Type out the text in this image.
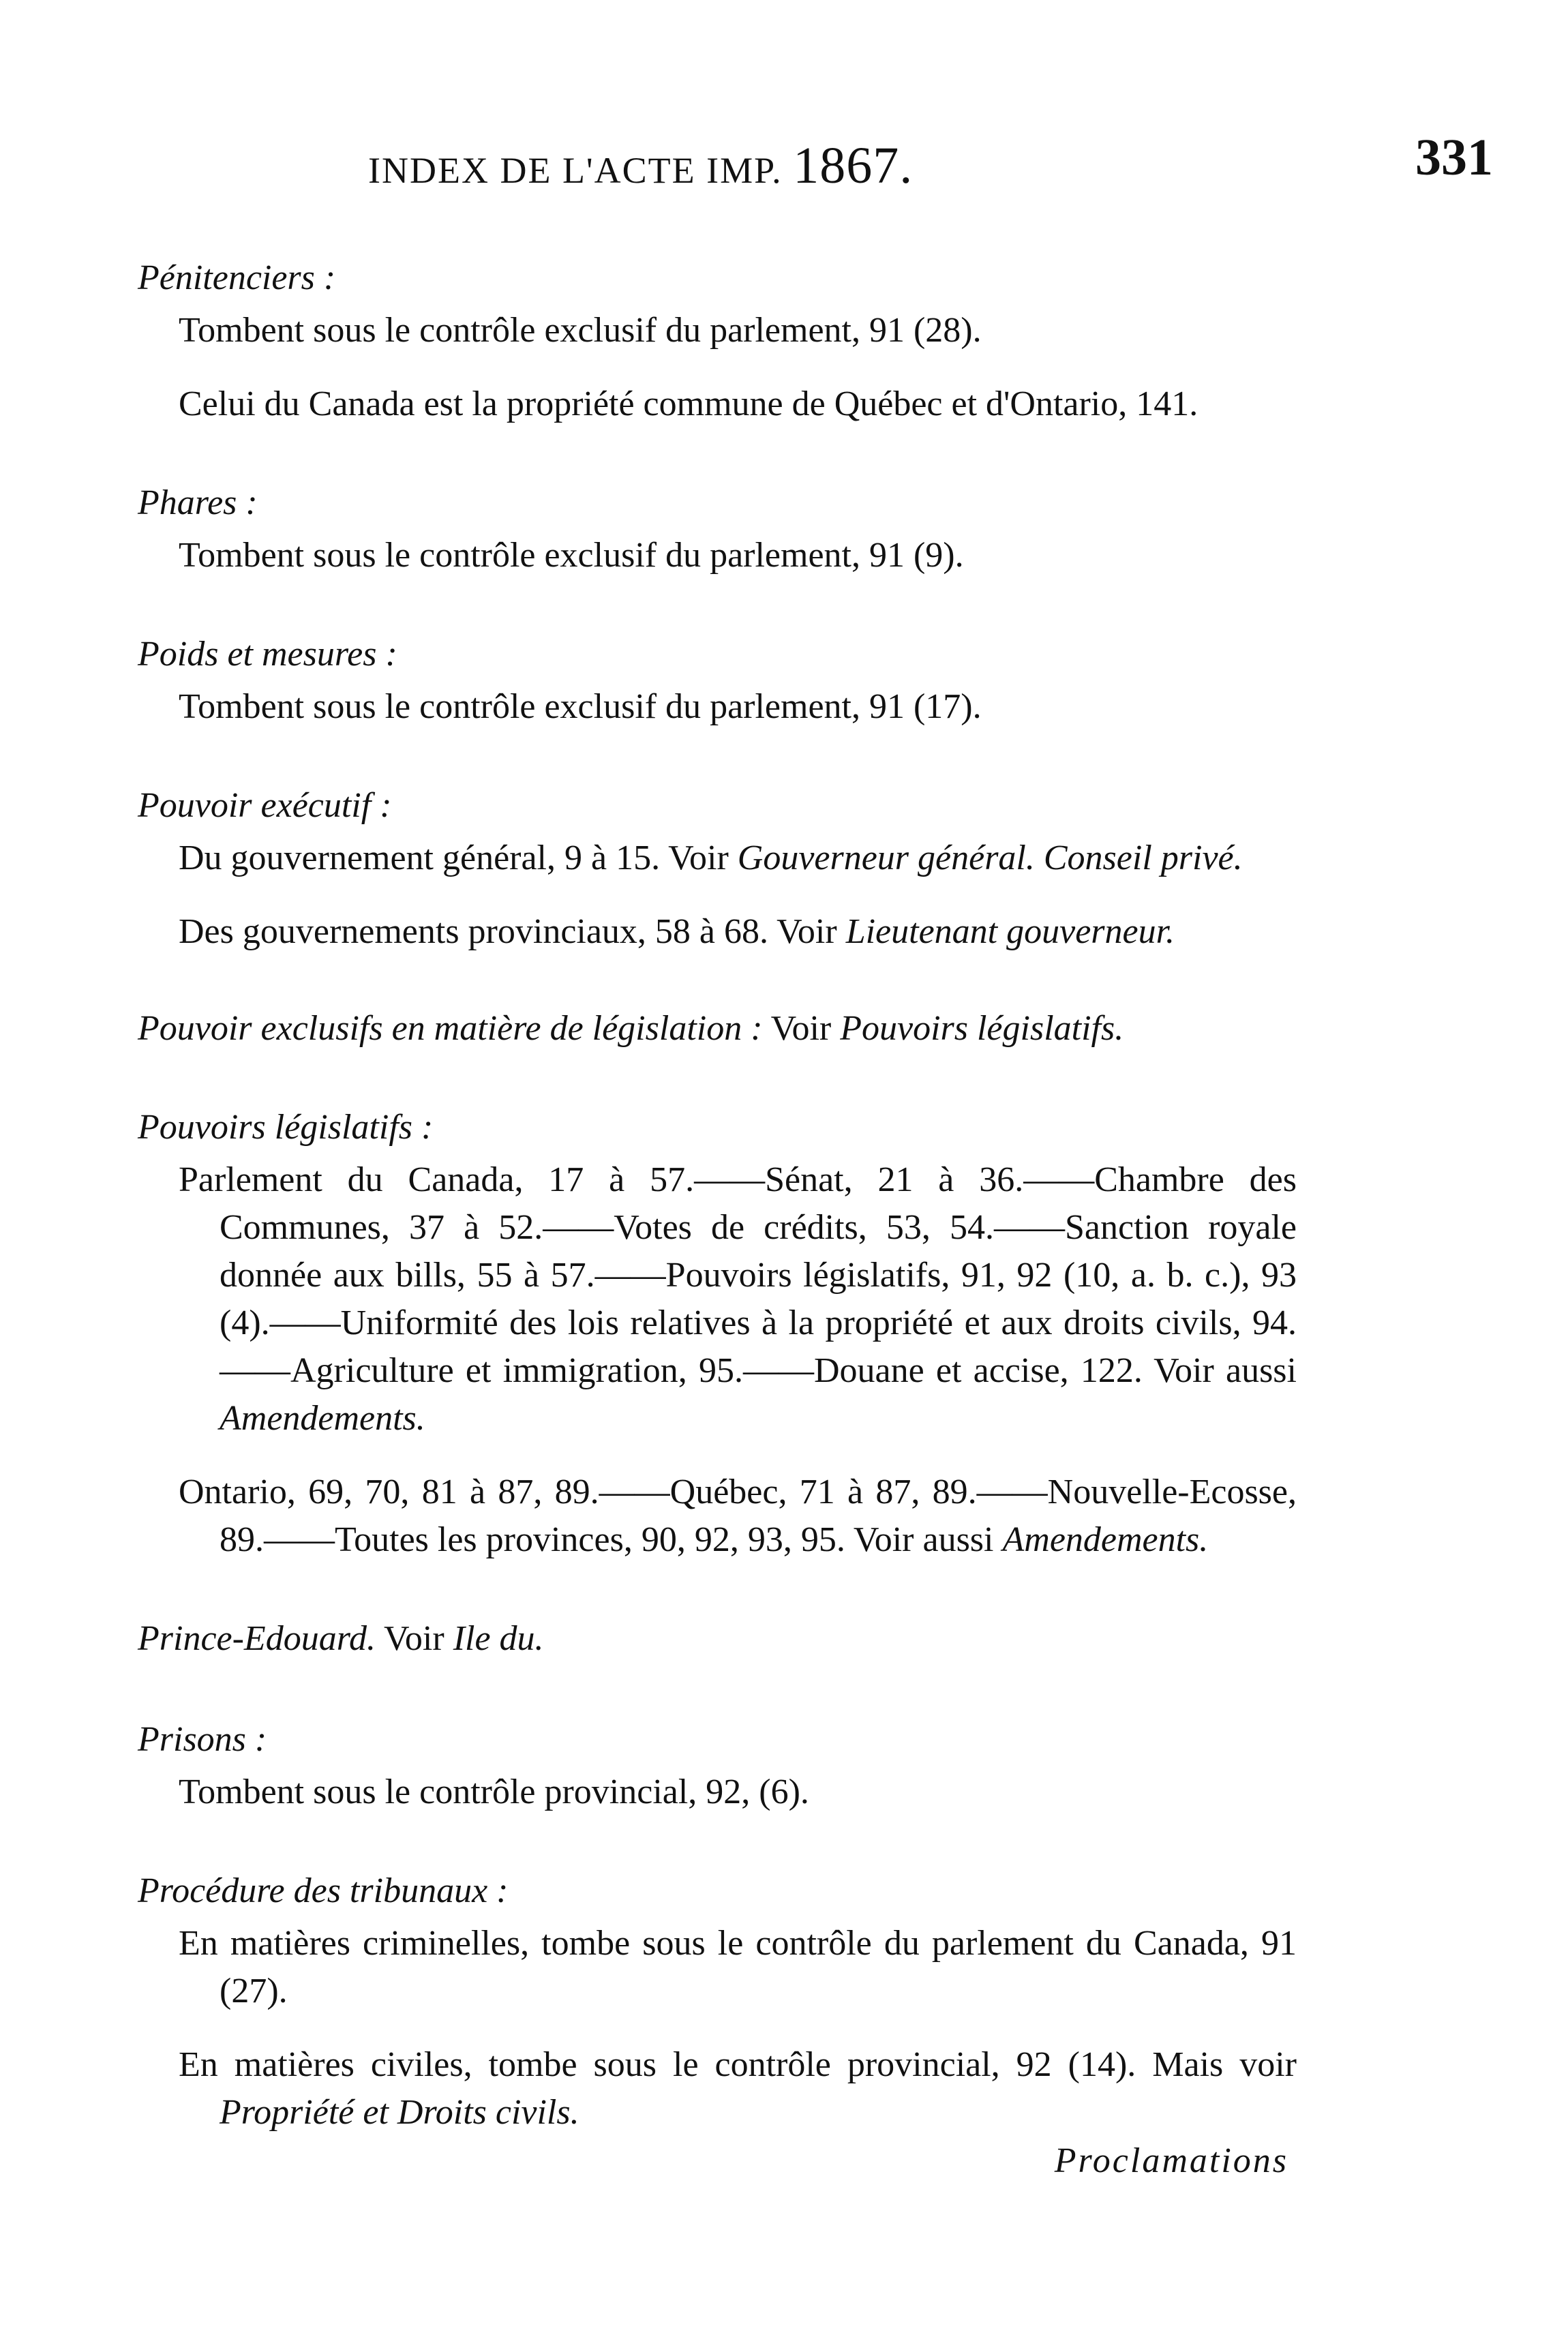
INDEX DE L'ACTE IMP. 1867.	331
Pénitenciers :
Tombent sous le contrôle exclusif du parlement, 91 (28).
Celui du Canada est la propriété commune de Québec et d'Ontario, 141.
Phares :
Tombent sous le contrôle exclusif du parlement, 91 (9).
Poids et mesures :
Tombent sous le contrôle exclusif du parlement, 91 (17).
Pouvoir exécutif :
Du gouvernement général, 9 à 15. Voir Gouverneur général. Conseil privé.
Des gouvernements provinciaux, 58 à 68. Voir Lieutenant gouverneur.
Pouvoir exclusifs en matière de législation : Voir Pouvoirs législatifs.
Pouvoirs législatifs :
Parlement du Canada, 17 à 57.——Sénat, 21 à 36.——Chambre des Communes, 37 à 52.——Votes de crédits, 53, 54.——Sanction royale donnée aux bills, 55 à 57.——Pouvoirs législatifs, 91, 92 (10, a. b. c.), 93 (4).——Uniformité des lois relatives à la propriété et aux droits civils, 94.——Agriculture et immigration, 95.——Douane et accise, 122. Voir aussi Amendements.
Ontario, 69, 70, 81 à 87, 89.——Québec, 71 à 87, 89.——Nouvelle-Ecosse, 89.——Toutes les provinces, 90, 92, 93, 95. Voir aussi Amendements.
Prince-Edouard. Voir Ile du.
Prisons :
Tombent sous le contrôle provincial, 92, (6).
Procédure des tribunaux :
En matières criminelles, tombe sous le contrôle du parlement du Canada, 91 (27).
En matières civiles, tombe sous le contrôle provincial, 92 (14). Mais voir Propriété et Droits civils.
Proclamations
